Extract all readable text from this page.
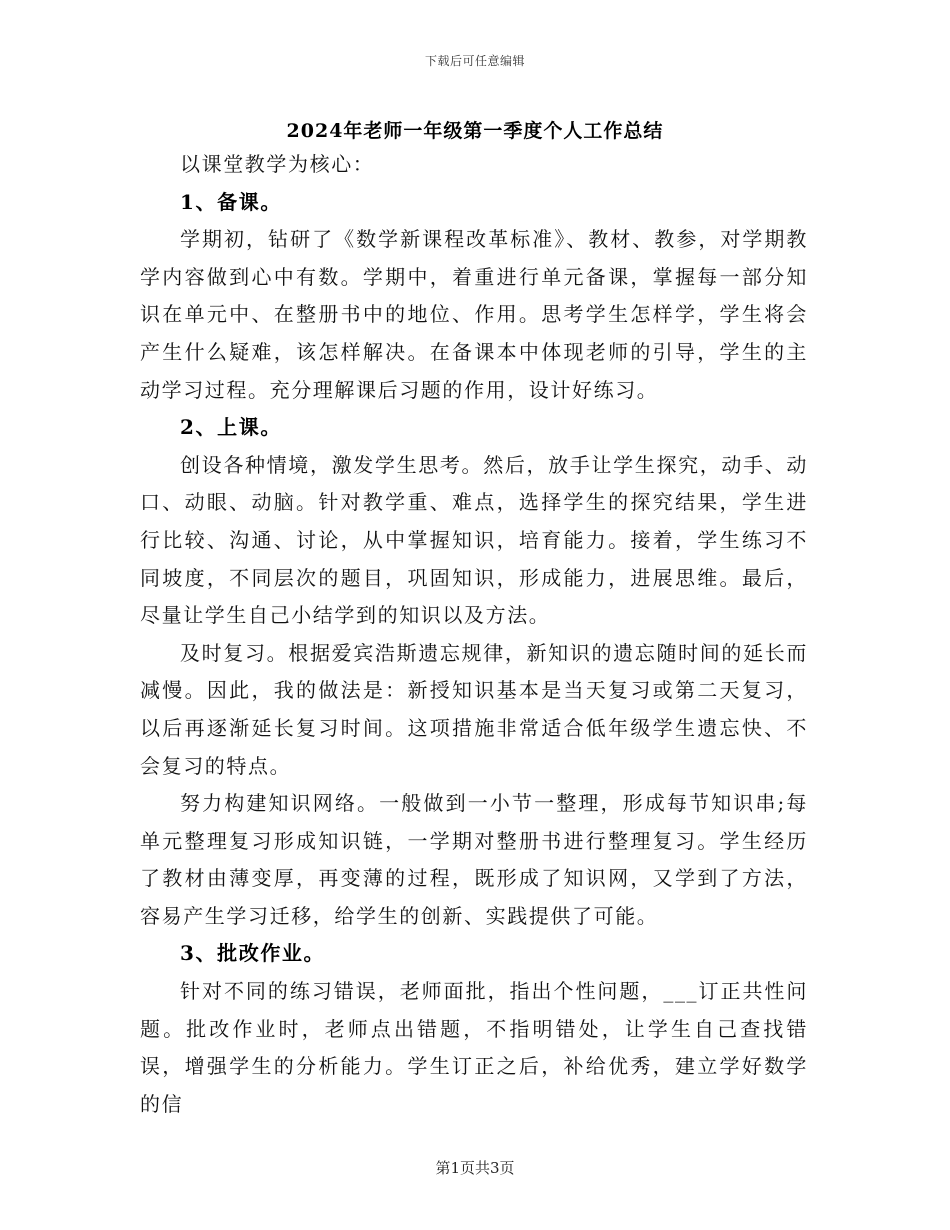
下载后可任意编辑
2024年老师一年级第一季度个人工作总结

以课堂教学为核心：

1、备课。

学期初，钻研了《数学新课程改革标准》、教材、教参，对学期教学内容做到心中有数。学期中，着重进行单元备课，掌握每一部分知识在单元中、在整册书中的地位、作用。思考学生怎样学，学生将会产生什么疑难，该怎样解决。在备课本中体现老师的引导，学生的主动学习过程。充分理解课后习题的作用，设计好练习。

2、上课。

创设各种情境，激发学生思考。然后，放手让学生探究，动手、动口、动眼、动脑。针对教学重、难点，选择学生的探究结果，学生进行比较、沟通、讨论，从中掌握知识，培育能力。接着，学生练习不同坡度，不同层次的题目，巩固知识，形成能力，进展思维。最后，尽量让学生自己小结学到的知识以及方法。

及时复习。根据爱宾浩斯遗忘规律，新知识的遗忘随时间的延长而减慢。因此，我的做法是：新授知识基本是当天复习或第二天复习，以后再逐渐延长复习时间。这项措施非常适合低年级学生遗忘快、不会复习的特点。

努力构建知识网络。一般做到一小节一整理，形成每节知识串;每单元整理复习形成知识链，一学期对整册书进行整理复习。学生经历了教材由薄变厚，再变薄的过程，既形成了知识网，又学到了方法，容易产生学习迁移，给学生的创新、实践提供了可能。

3、批改作业。

针对不同的练习错误，老师面批，指出个性问题，___订正共性问题。批改作业时，老师点出错题，不指明错处，让学生自己查找错误，增强学生的分析能力。学生订正之后，补给优秀，建立学好数学的信

第1页共3页
